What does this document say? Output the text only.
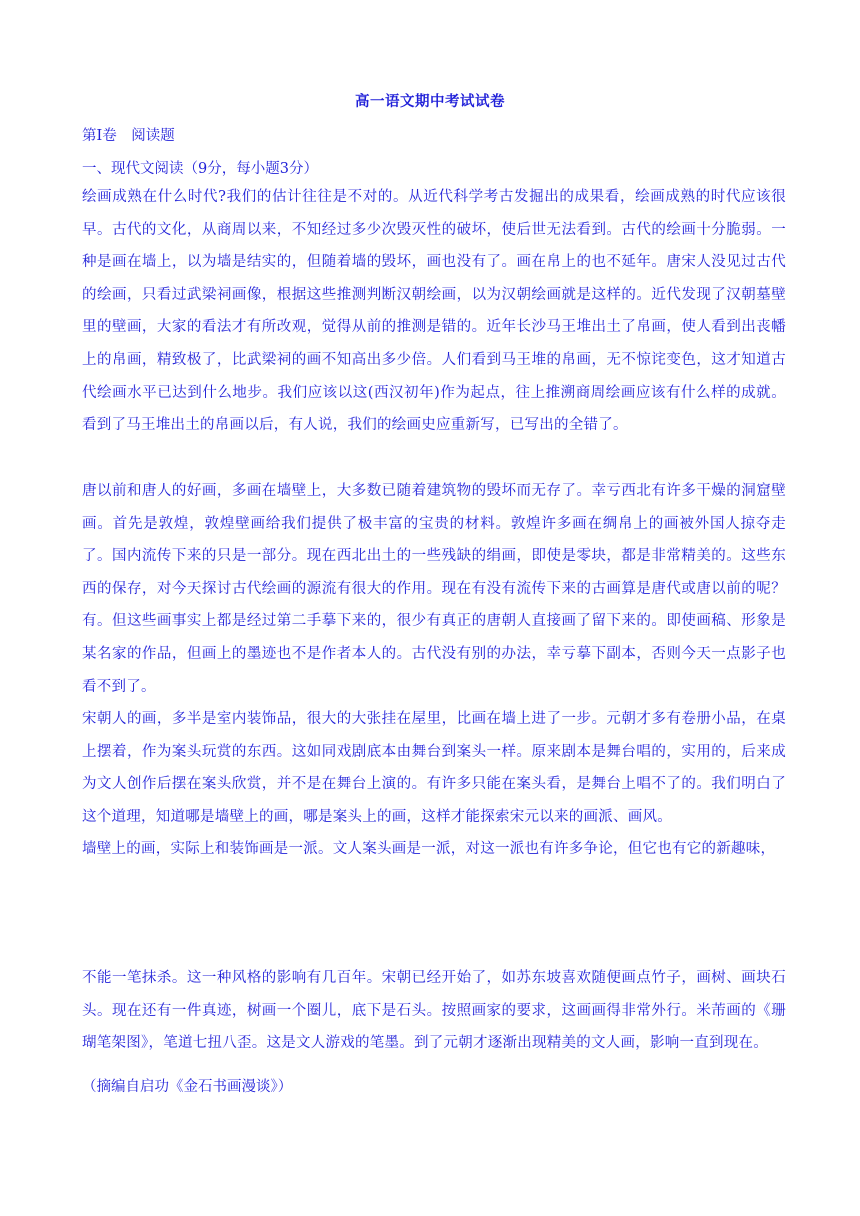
高一语文期中考试试卷
第Ⅰ卷　阅读题
一、现代文阅读（9分，每小题3分）
绘画成熟在什么时代?我们的估计往往是不对的。从近代科学考古发掘出的成果看，绘画成熟的时代应该很早。古代的文化，从商周以来，不知经过多少次毁灭性的破坏，使后世无法看到。古代的绘画十分脆弱。一种是画在墙上，以为墙是结实的，但随着墙的毁坏，画也没有了。画在帛上的也不延年。唐宋人没见过古代的绘画，只看过武梁祠画像，根据这些推测判断汉朝绘画，以为汉朝绘画就是这样的。近代发现了汉朝墓壁里的壁画，大家的看法才有所改观，觉得从前的推测是错的。近年长沙马王堆出土了帛画，使人看到出丧幡上的帛画，精致极了，比武梁祠的画不知高出多少倍。人们看到马王堆的帛画，无不惊诧变色，这才知道古代绘画水平已达到什么地步。我们应该以这(西汉初年)作为起点，往上推溯商周绘画应该有什么样的成就。看到了马王堆出土的帛画以后，有人说，我们的绘画史应重新写，已写出的全错了。
唐以前和唐人的好画，多画在墙壁上，大多数已随着建筑物的毁坏而无存了。幸亏西北有许多干燥的洞窟壁画。首先是敦煌，敦煌壁画给我们提供了极丰富的宝贵的材料。敦煌许多画在绸帛上的画被外国人掠夺走了。国内流传下来的只是一部分。现在西北出土的一些残缺的绢画，即使是零块，都是非常精美的。这些东西的保存，对今天探讨古代绘画的源流有很大的作用。现在有没有流传下来的古画算是唐代或唐以前的呢？有。但这些画事实上都是经过第二手摹下来的，很少有真正的唐朝人直接画了留下来的。即使画稿、形象是某名家的作品，但画上的墨迹也不是作者本人的。古代没有别的办法，幸亏摹下副本，否则今天一点影子也看不到了。
宋朝人的画，多半是室内装饰品，很大的大张挂在屋里，比画在墙上进了一步。元朝才多有卷册小品，在桌上摆着，作为案头玩赏的东西。这如同戏剧底本由舞台到案头一样。原来剧本是舞台唱的，实用的，后来成为文人创作后摆在案头欣赏，并不是在舞台上演的。有许多只能在案头看，是舞台上唱不了的。我们明白了这个道理，知道哪是墙壁上的画，哪是案头上的画，这样才能探索宋元以来的画派、画风。
墙壁上的画，实际上和装饰画是一派。文人案头画是一派，对这一派也有许多争论，但它也有它的新趣味，
不能一笔抹杀。这一种风格的影响有几百年。宋朝已经开始了，如苏东坡喜欢随便画点竹子，画树、画块石头。现在还有一件真迹，树画一个圈儿，底下是石头。按照画家的要求，这画画得非常外行。米芾画的《珊瑚笔架图》，笔道七扭八歪。这是文人游戏的笔墨。到了元朝才逐渐出现精美的文人画，影响一直到现在。
（摘编自启功《金石书画漫谈》）
